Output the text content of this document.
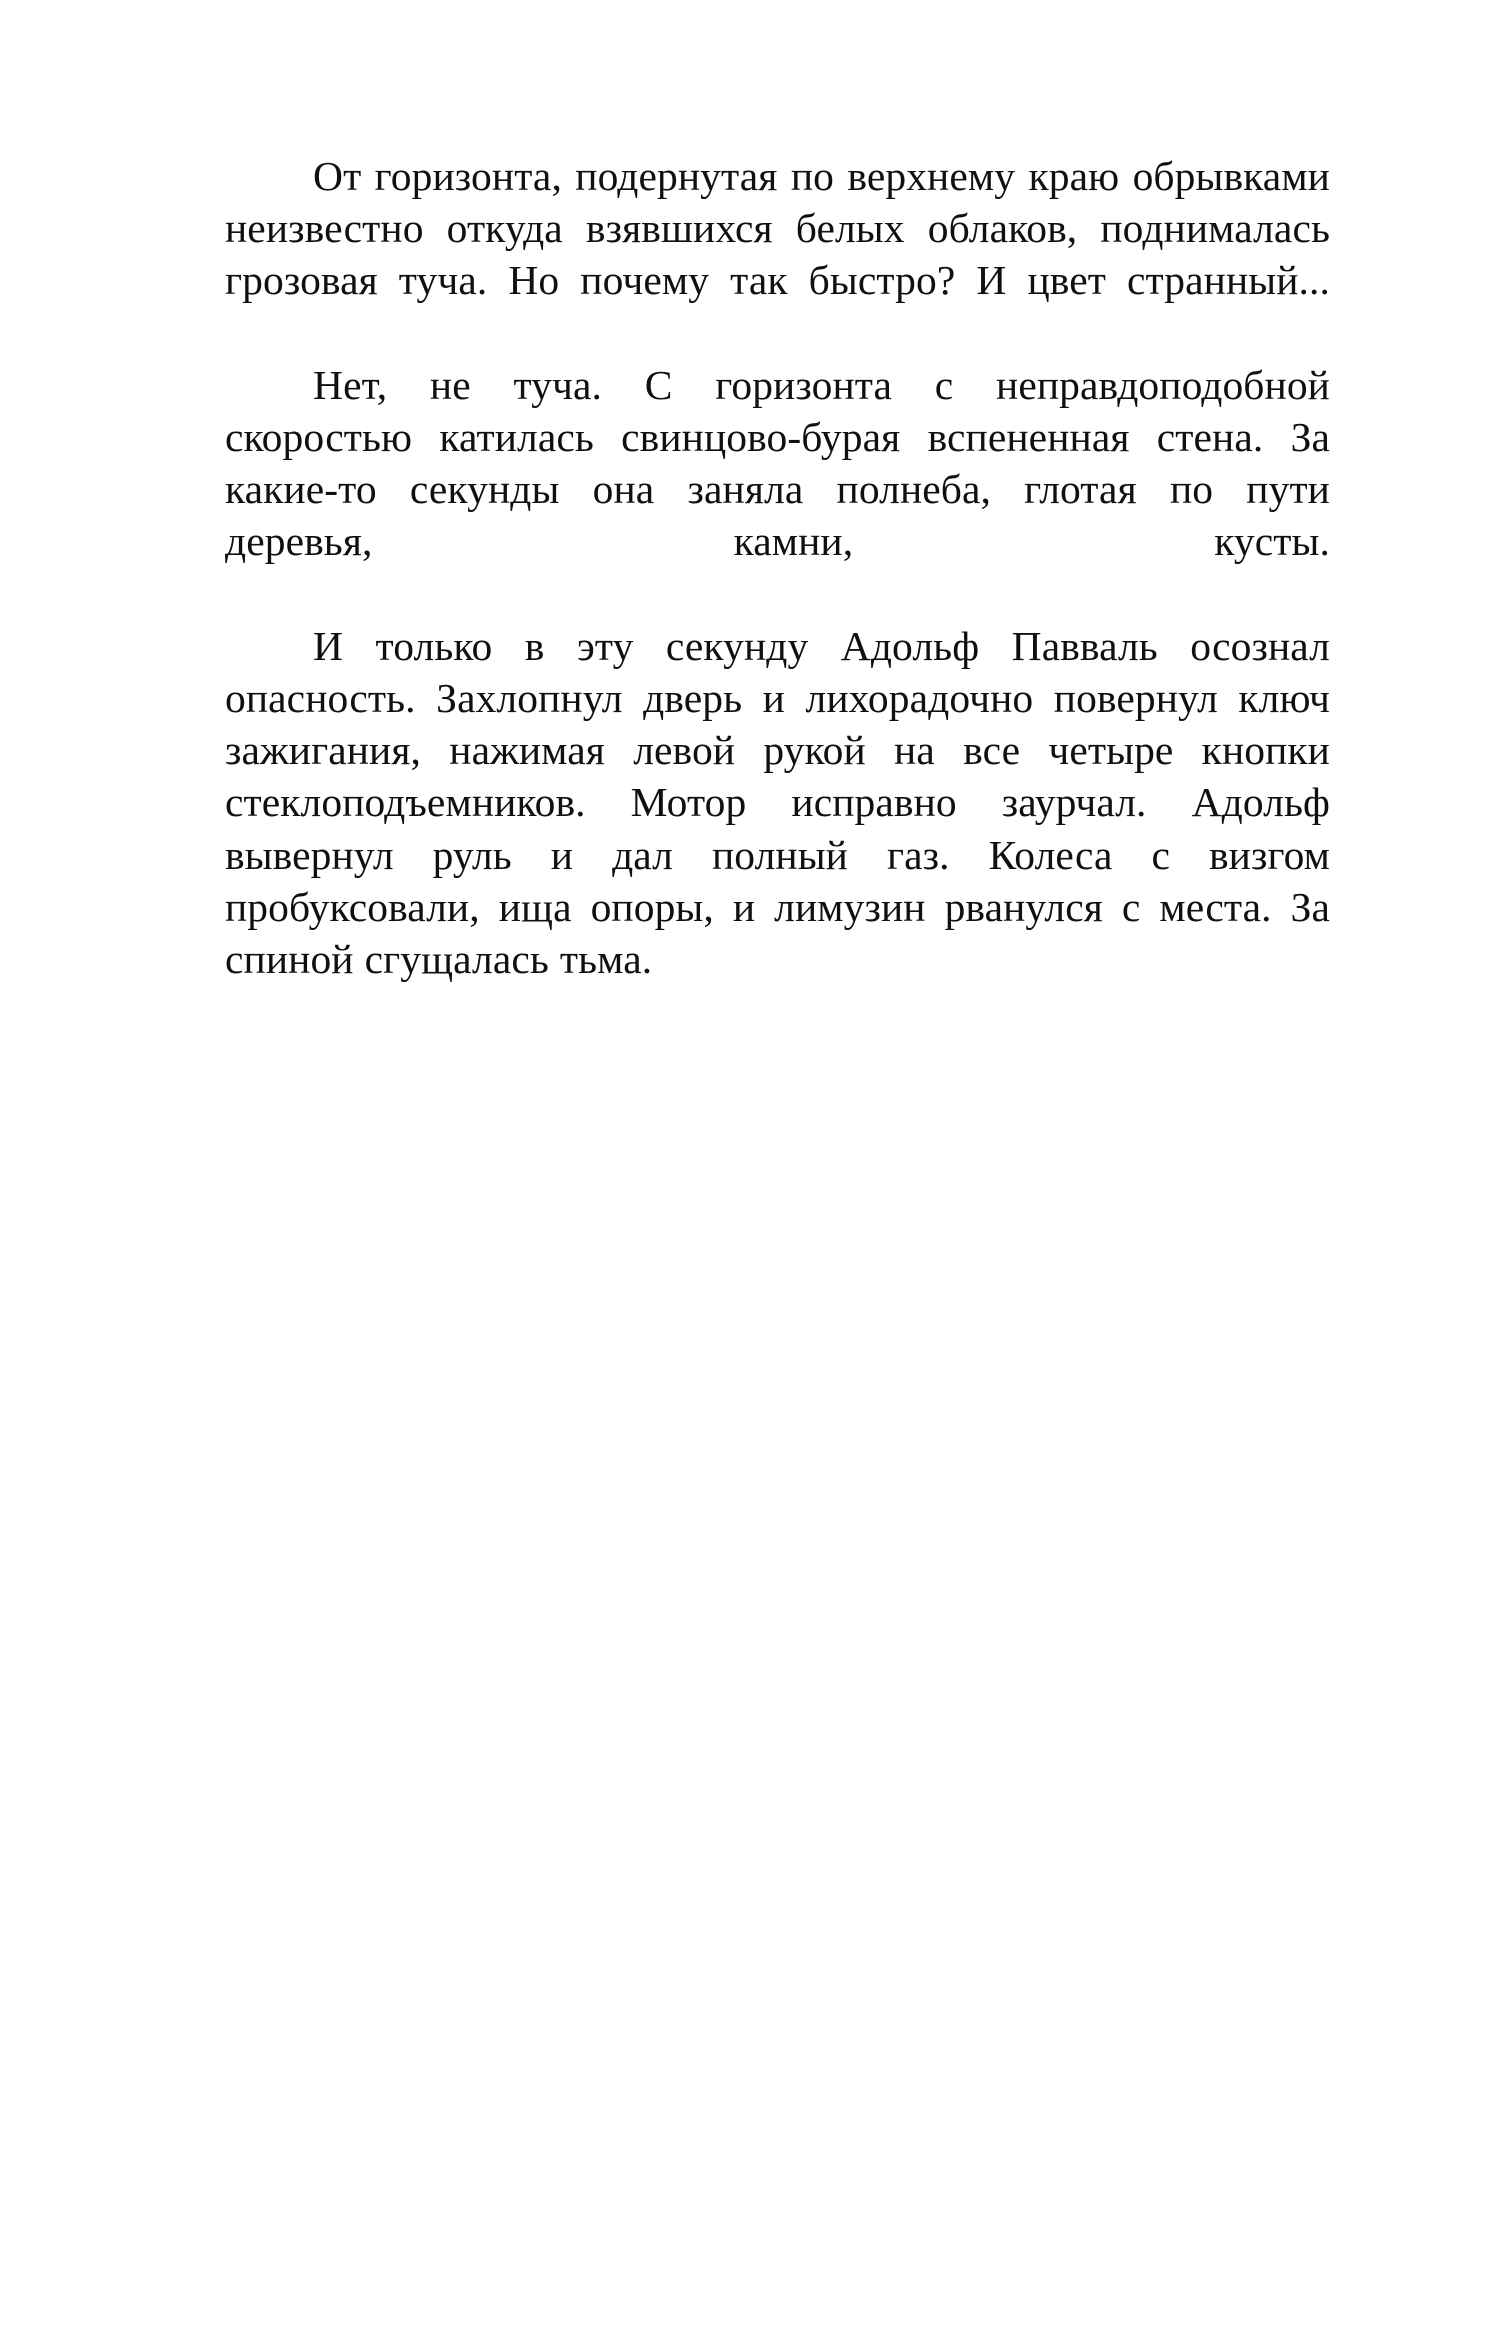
От горизонта, подернутая по верхнему краю обрывками неизвестно откуда взявшихся белых облаков, поднималась грозовая туча. Но почему так быстро? И цвет странный...

Нет, не туча. С горизонта с неправдоподобной скоростью катилась свинцово-бурая вспененная стена. За какие-то секунды она заняла полнеба, глотая по пути деревья, камни, кусты.

И только в эту секунду Адольф Павваль осознал опасность. Захлопнул дверь и лихорадочно повернул ключ зажигания, нажимая левой рукой на все четыре кнопки стеклоподъемников. Мотор исправно заурчал. Адольф вывернул руль и дал полный газ. Колеса с визгом пробуксовали, ища опоры, и лимузин рванулся с места. За спиной сгущалась тьма.
